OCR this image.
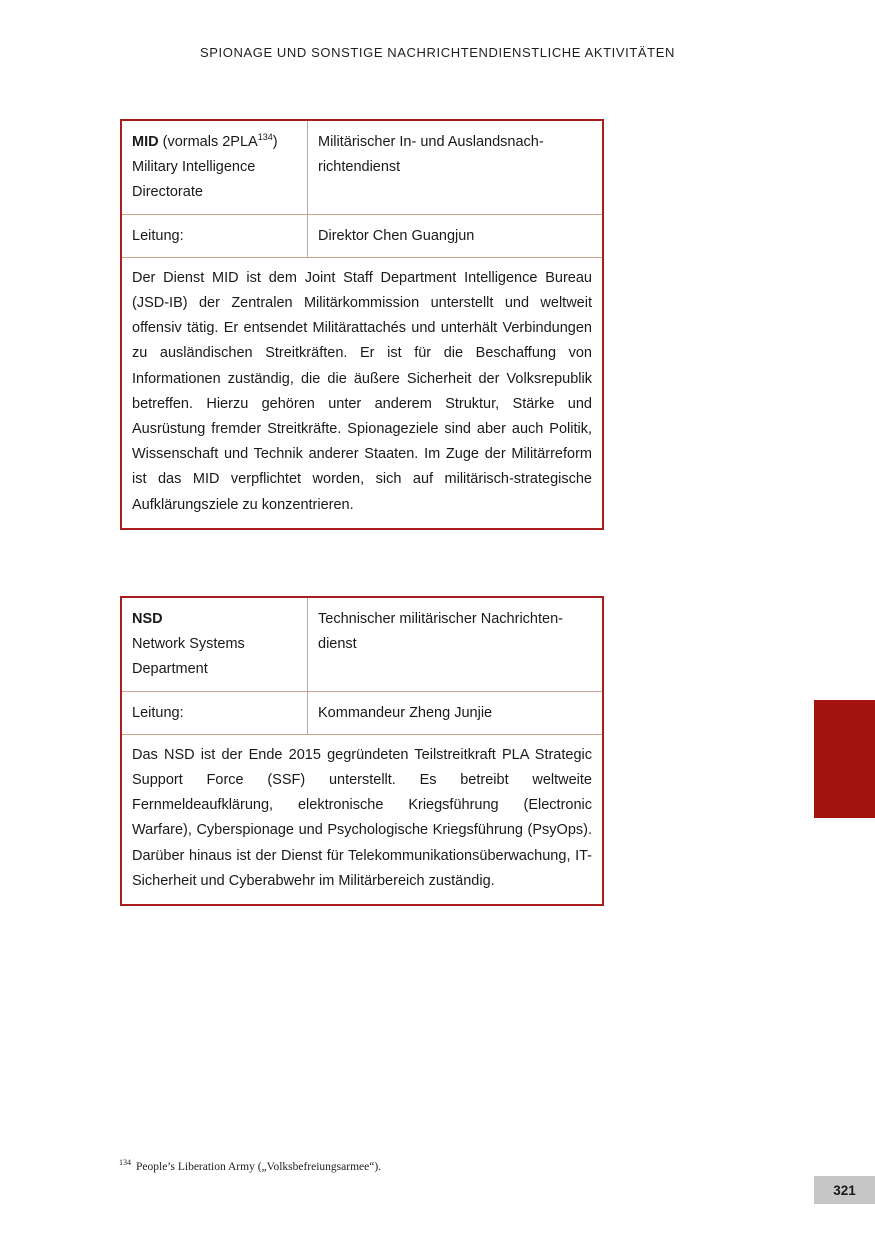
SPIONAGE UND SONSTIGE NACHRICHTENDIENSTLICHE AKTIVITÄTEN
MID (vormals 2PLA$^{134}$)
Military Intelligence
Directorate
Militärischer In- und Auslandsnach-
richtendienst
Leitung:	Direktor Chen Guangjun
Der Dienst MID ist dem Joint Staff Department Intelligence Bureau (JSD-IB) der Zentralen Militärkommission unterstellt und weltweit offensiv tätig. Er entsendet Militärattachés und unterhält Verbindungen zu ausländischen Streitkräften. Er ist für die Beschaffung von Informationen zuständig, die die äußere Sicherheit der Volksrepublik betreffen. Hierzu gehören unter anderem Struktur, Stärke und Ausrüstung fremder Streitkräfte. Spionageziele sind aber auch Politik, Wissenschaft und Technik anderer Staaten. Im Zuge der Militärreform ist das MID verpflichtet worden, sich auf militärisch-strategische Aufklärungsziele zu konzentrieren.
NSD
Network Systems
Department
Technischer militärischer Nachrichten-
dienst
Leitung:	Kommandeur Zheng Junjie
Das NSD ist der Ende 2015 gegründeten Teilstreitkraft PLA Strategic Support Force (SSF) unterstellt. Es betreibt weltweite Fernmeldeaufklärung, elektronische Kriegsführung (Electronic Warfare), Cyberspionage und Psychologische Kriegsführung (PsyOps). Darüber hinaus ist der Dienst für Telekommunikationsüberwachung, IT-Sicherheit und Cyberabwehr im Militärbereich zuständig.
$^{134}$ People’s Liberation Army („Volksbefreiungsarmee“).
321
